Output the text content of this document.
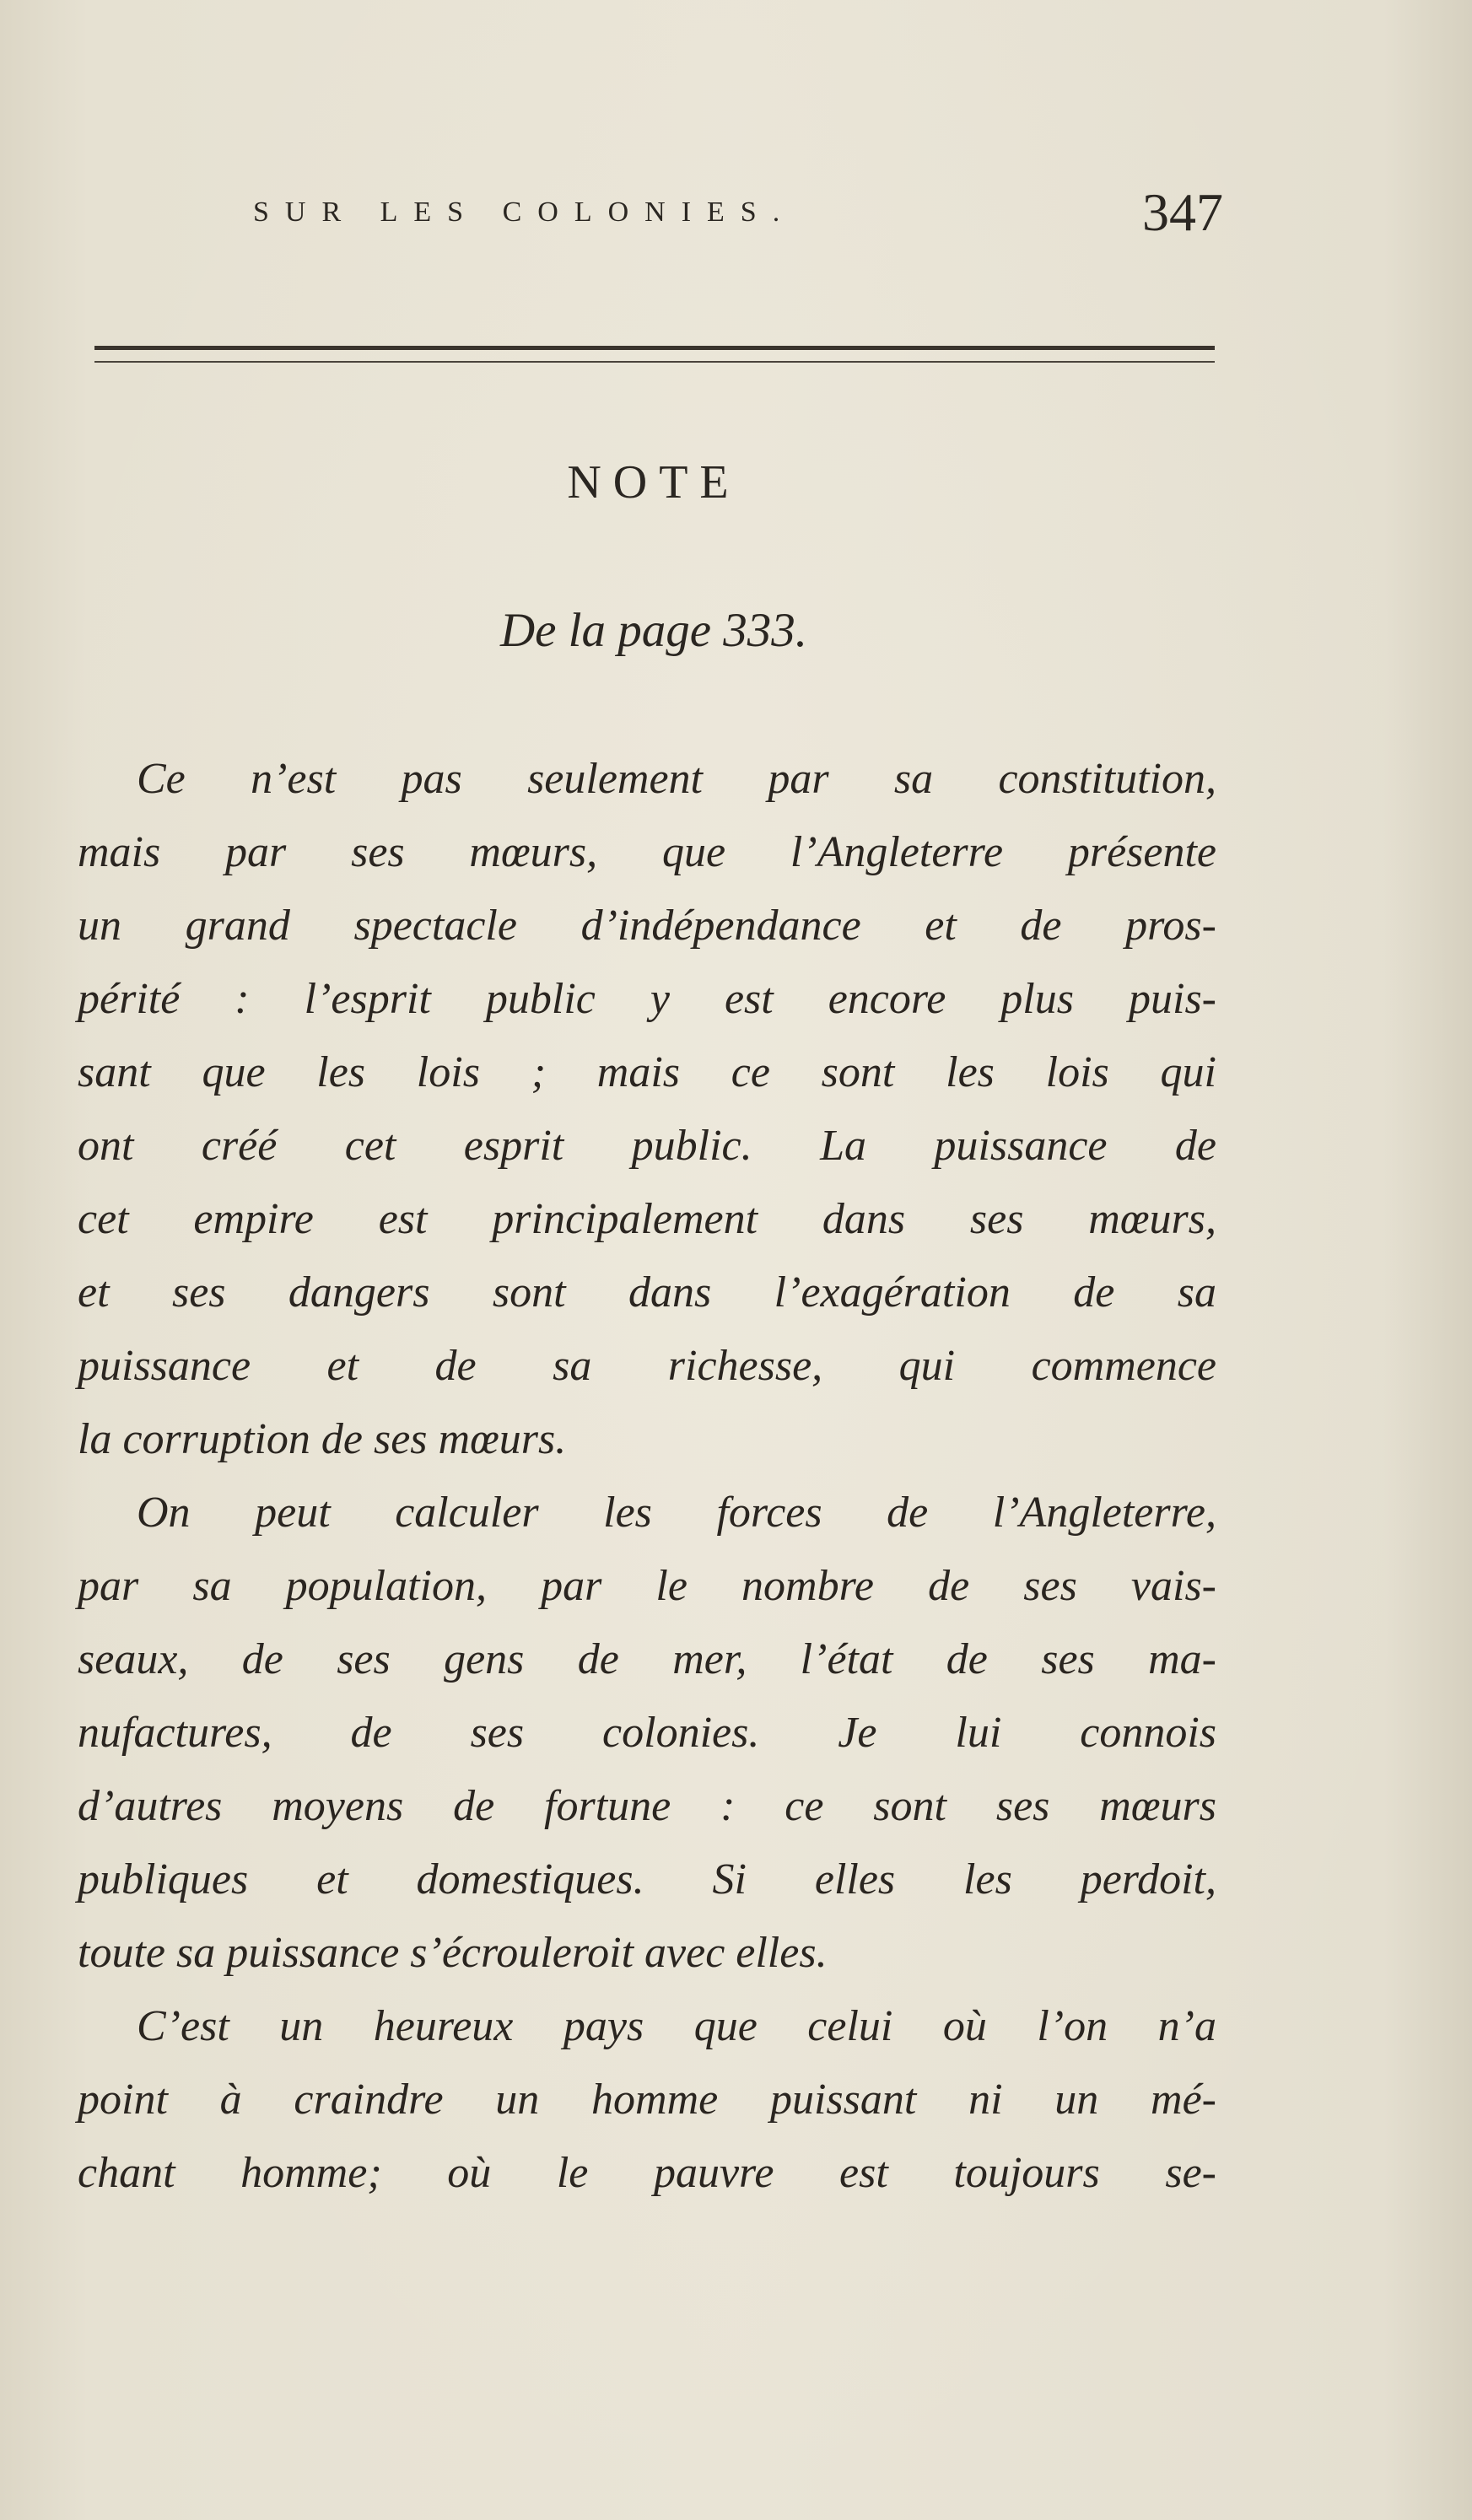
SUR LES COLONIES.	347
NOTE
De la page 333.
Ce n’est pas seulement par sa constitution,
mais par ses mœurs, que l’Angleterre présente
un grand spectacle d’indépendance et de pros-
périté : l’esprit public y est encore plus puis-
sant que les lois ; mais ce sont les lois qui
ont créé cet esprit public. La puissance de
cet empire est principalement dans ses mœurs,
et ses dangers sont dans l’exagération de sa
puissance et de sa richesse, qui commence
la corruption de ses mœurs.
On peut calculer les forces de l’Angleterre,
par sa population, par le nombre de ses vais-
seaux, de ses gens de mer, l’état de ses ma-
nufactures, de ses colonies. Je lui connois
d’autres moyens de fortune : ce sont ses mœurs
publiques et domestiques. Si elles les perdoit,
toute sa puissance s’écrouleroit avec elles.
C’est un heureux pays que celui où l’on n’a
point à craindre un homme puissant ni un mé-
chant homme; où le pauvre est toujours se-
